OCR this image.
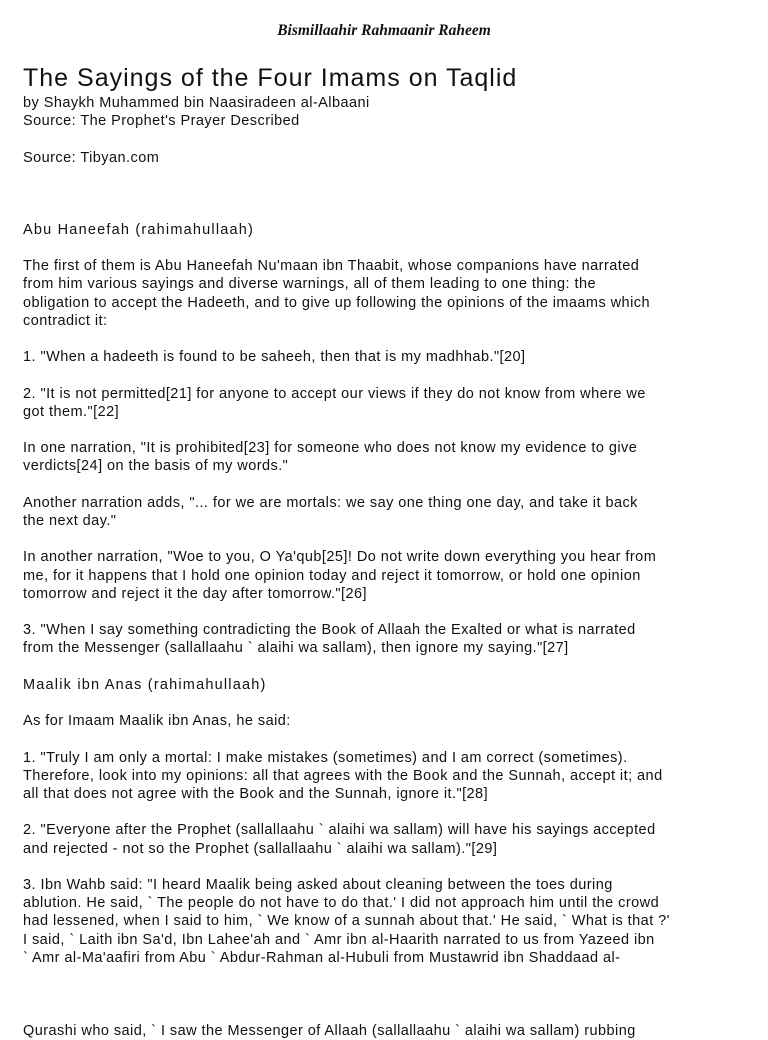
Bismillaahir Rahmaanir Raheem
The Sayings of the Four Imams on Taqlid

by Shaykh Muhammed bin Naasiradeen al-Albaani

Source: The Prophet's Prayer Described

Source: Tibyan.com

Abu Haneefah (rahimahullaah)

The first of them is Abu Haneefah Nu'maan ibn Thaabit, whose companions have narrated
from him various sayings and diverse warnings, all of them leading to one thing: the
obligation to accept the Hadeeth, and to give up following the opinions of the imaams which
contradict it:

1. "When a hadeeth is found to be saheeh, then that is my madhhab."[20]

2. "It is not permitted[21] for anyone to accept our views if they do not know from where we
got them."[22]

In one narration, "It is prohibited[23] for someone who does not know my evidence to give
verdicts[24] on the basis of my words."

Another narration adds, "... for we are mortals: we say one thing one day, and take it back
the next day."

In another narration, "Woe to you, O Ya'qub[25]! Do not write down everything you hear from
me, for it happens that I hold one opinion today and reject it tomorrow, or hold one opinion
tomorrow and reject it the day after tomorrow."[26]

3. "When I say something contradicting the Book of Allaah the Exalted or what is narrated
from the Messenger (sallallaahu ` alaihi wa sallam), then ignore my saying."[27]

Maalik ibn Anas (rahimahullaah)

As for Imaam Maalik ibn Anas, he said:

1. "Truly I am only a mortal: I make mistakes (sometimes) and I am correct (sometimes).
Therefore, look into my opinions: all that agrees with the Book and the Sunnah, accept it; and
all that does not agree with the Book and the Sunnah, ignore it."[28]

2. "Everyone after the Prophet (sallallaahu ` alaihi wa sallam) will have his sayings accepted
and rejected - not so the Prophet (sallallaahu ` alaihi wa sallam)."[29]

3. Ibn Wahb said: "I heard Maalik being asked about cleaning between the toes during
ablution. He said, ` The people do not have to do that.' I did not approach him until the crowd
had lessened, when I said to him, ` We know of a sunnah about that.' He said, ` What is that ?'
I said, ` Laith ibn Sa'd, Ibn Lahee'ah and ` Amr ibn al-Haarith narrated to us from Yazeed ibn
` Amr al-Ma'aafiri from Abu ` Abdur-Rahman al-Hubuli from Mustawrid ibn Shaddaad al-

Qurashi who said, ` I saw the Messenger of Allaah (sallallaahu ` alaihi wa sallam) rubbing
